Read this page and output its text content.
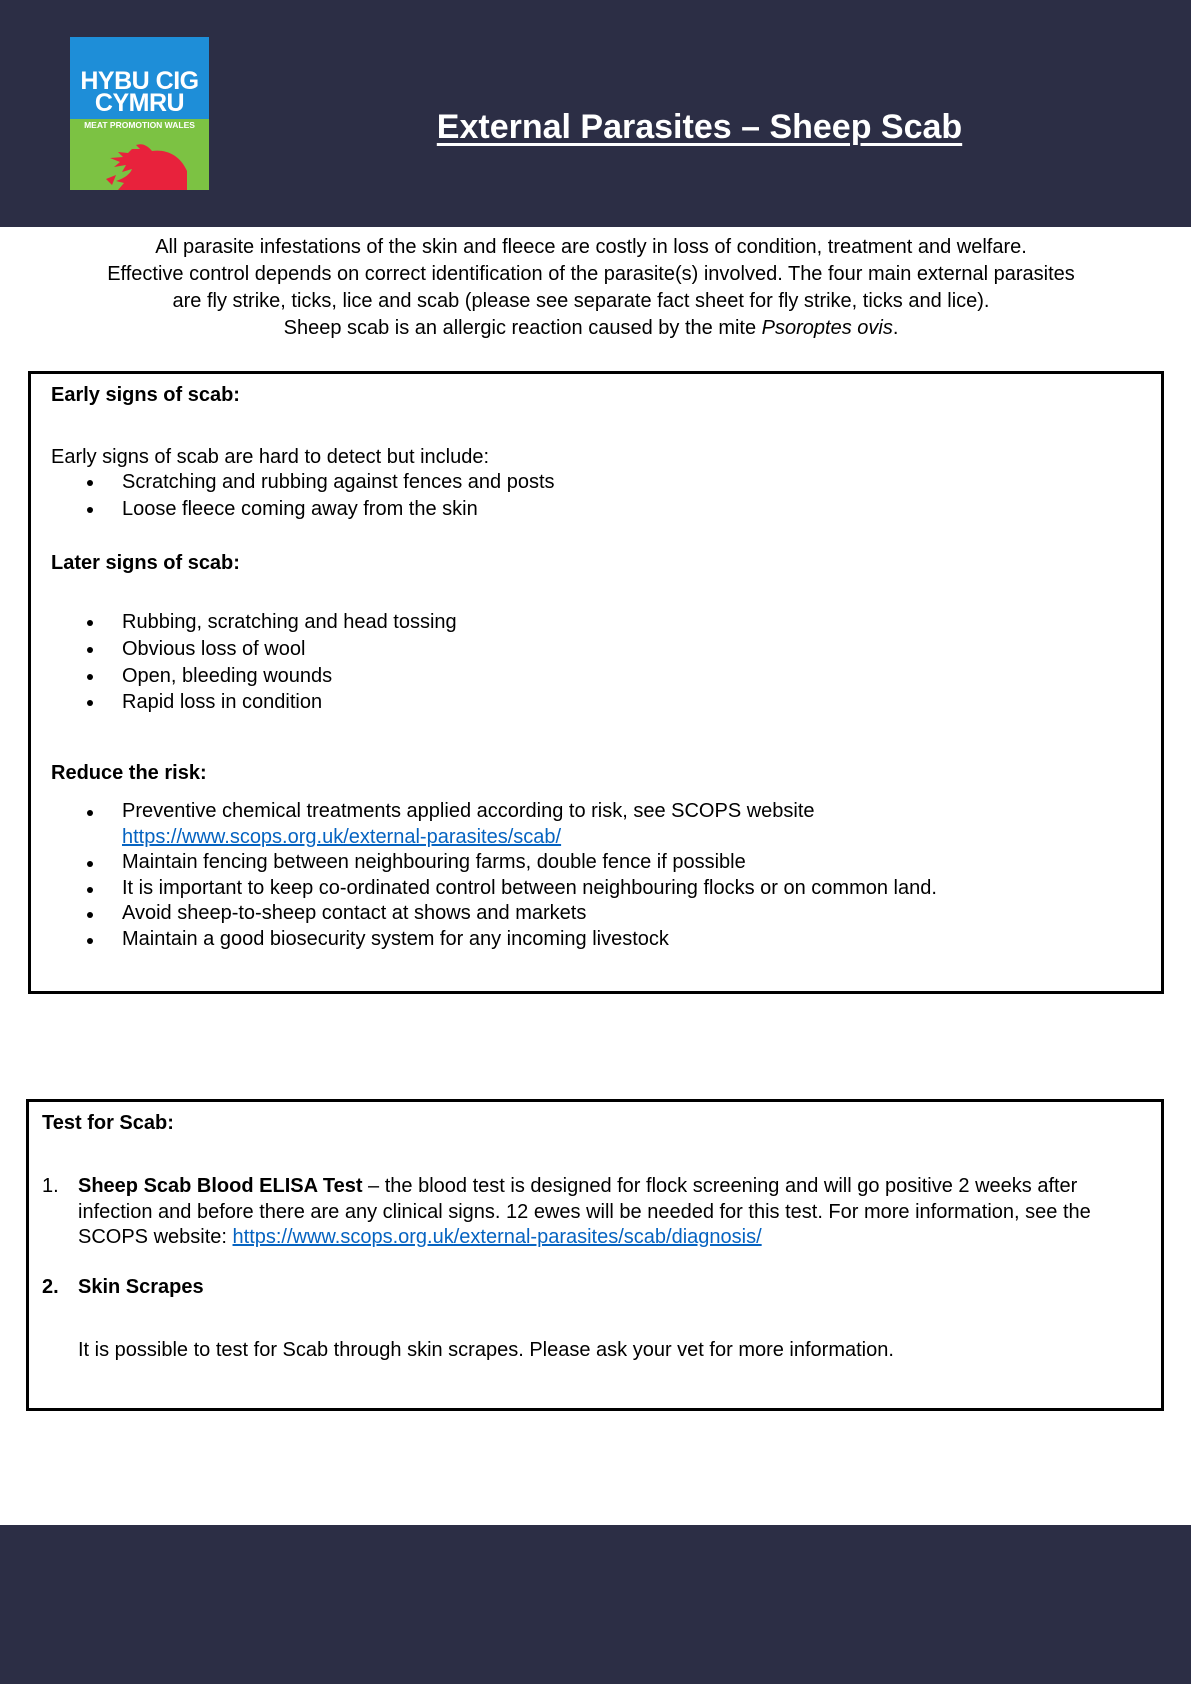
HYBU CIG
CYMRU
MEAT PROMOTION WALES	External Parasites – Sheep Scab

All parasite infestations of the skin and fleece are costly in loss of condition, treatment and welfare.

Effective control depends on correct identification of the parasite(s) involved. The four main external parasites

are fly strike, ticks, lice and scab (please see separate fact sheet for fly strike, ticks and lice).

Sheep scab is an allergic reaction caused by the mite Psoroptes ovis.

Early signs of scab:
Early signs of scab are hard to detect but include:
Scratching and rubbing against fences and posts
Loose fleece coming away from the skin
Later signs of scab:
Rubbing, scratching and head tossing
Obvious loss of wool
Open, bleeding wounds
Rapid loss in condition
Reduce the risk:
Preventive chemical treatments applied according to risk, see SCOPS website
https://www.scops.org.uk/external-parasites/scab/
Maintain fencing between neighbouring farms, double fence if possible
It is important to keep co-ordinated control between neighbouring flocks or on common land.
Avoid sheep-to-sheep contact at shows and markets
Maintain a good biosecurity system for any incoming livestock
Test for Scab:
1. Sheep Scab Blood ELISA Test – the blood test is designed for flock screening and will go positive 2 weeks after infection and before there are any clinical signs. 12 ewes will be needed for this test. For more information, see the SCOPS website: https://www.scops.org.uk/external-parasites/scab/diagnosis/
2. Skin Scrapes
It is possible to test for Scab through skin scrapes. Please ask your vet for more information.
